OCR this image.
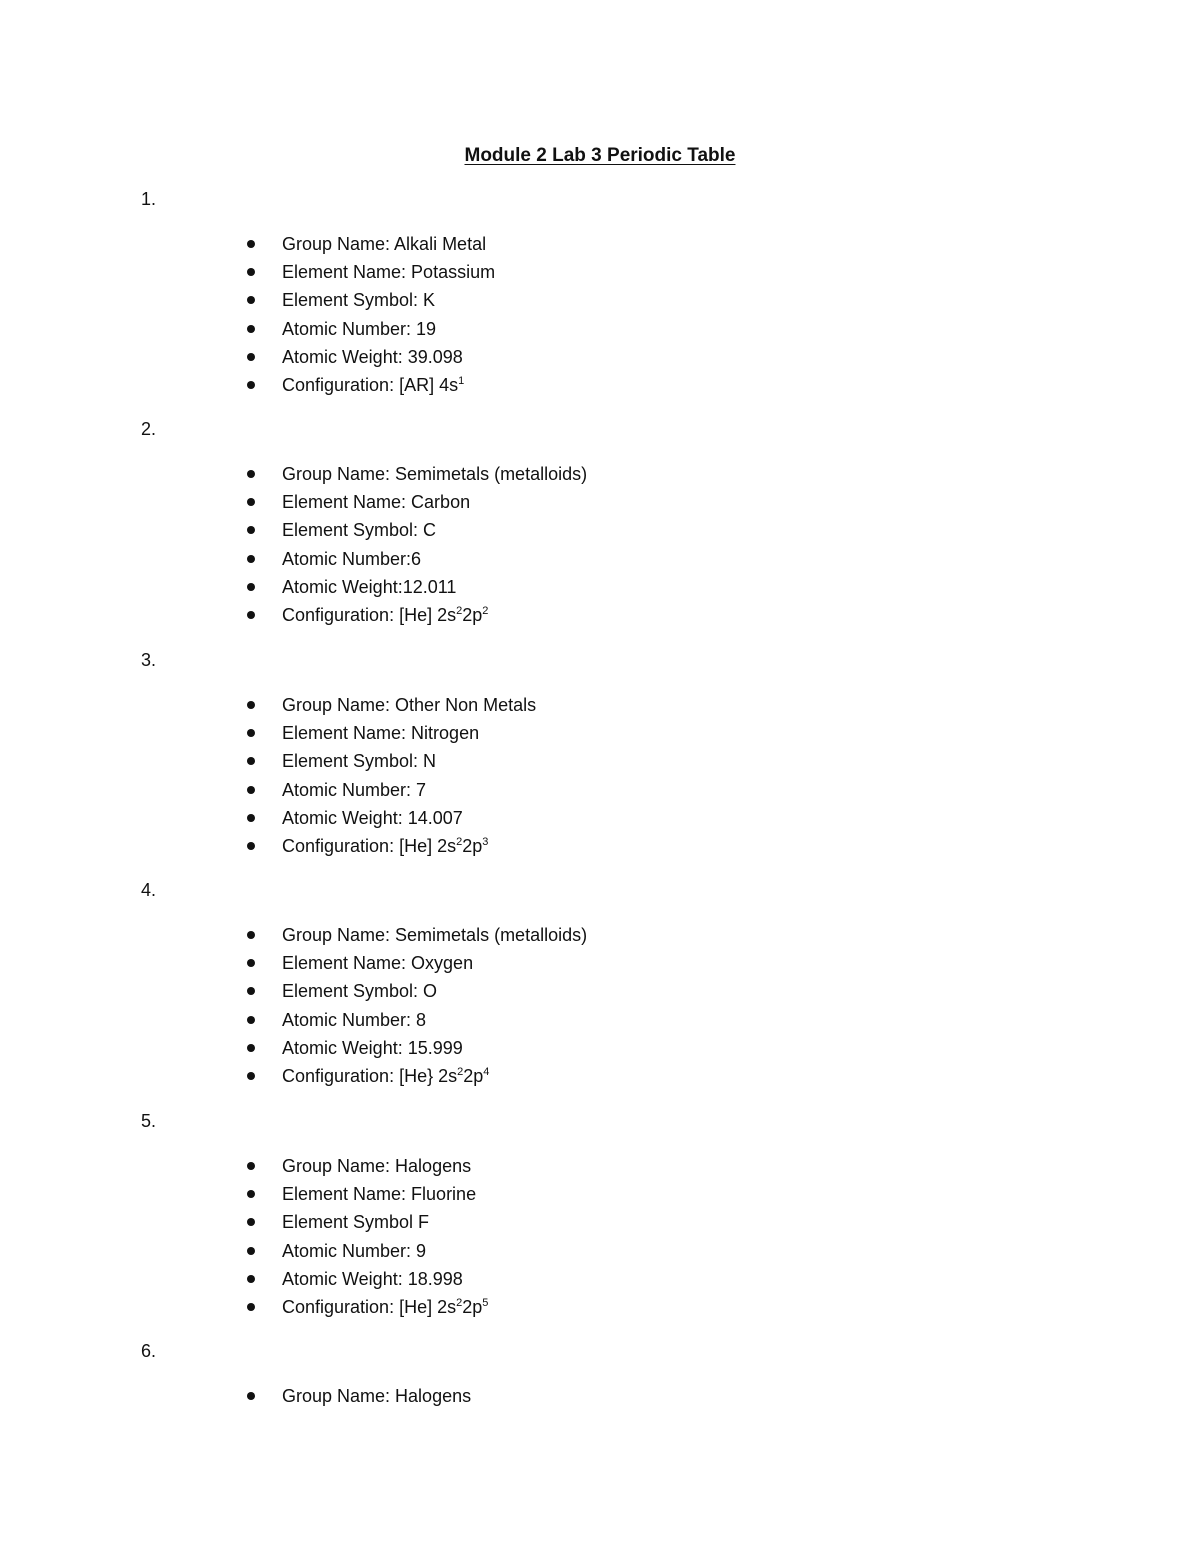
Module 2 Lab 3 Periodic Table
1.
Group Name: Alkali Metal
Element Name: Potassium
Element Symbol: K
Atomic Number: 19
Atomic Weight: 39.098
Configuration: [AR] $4s^1$
2.
Group Name: Semimetals (metalloids)
Element Name: Carbon
Element Symbol: C
Atomic Number:6
Atomic Weight:12.011
Configuration: [He] $2s^22p^2$
3.
Group Name: Other Non Metals
Element Name: Nitrogen
Element Symbol: N
Atomic Number: 7
Atomic Weight: 14.007
Configuration: [He] $2s^22p^3$
4.
Group Name: Semimetals (metalloids)
Element Name: Oxygen
Element Symbol: O
Atomic Number: 8
Atomic Weight: 15.999
Configuration: [He} $2s^22p^4$
5.
Group Name: Halogens
Element Name: Fluorine
Element Symbol F
Atomic Number: 9
Atomic Weight: 18.998
Configuration: [He] $2s^22p^5$
6.
Group Name: Halogens
